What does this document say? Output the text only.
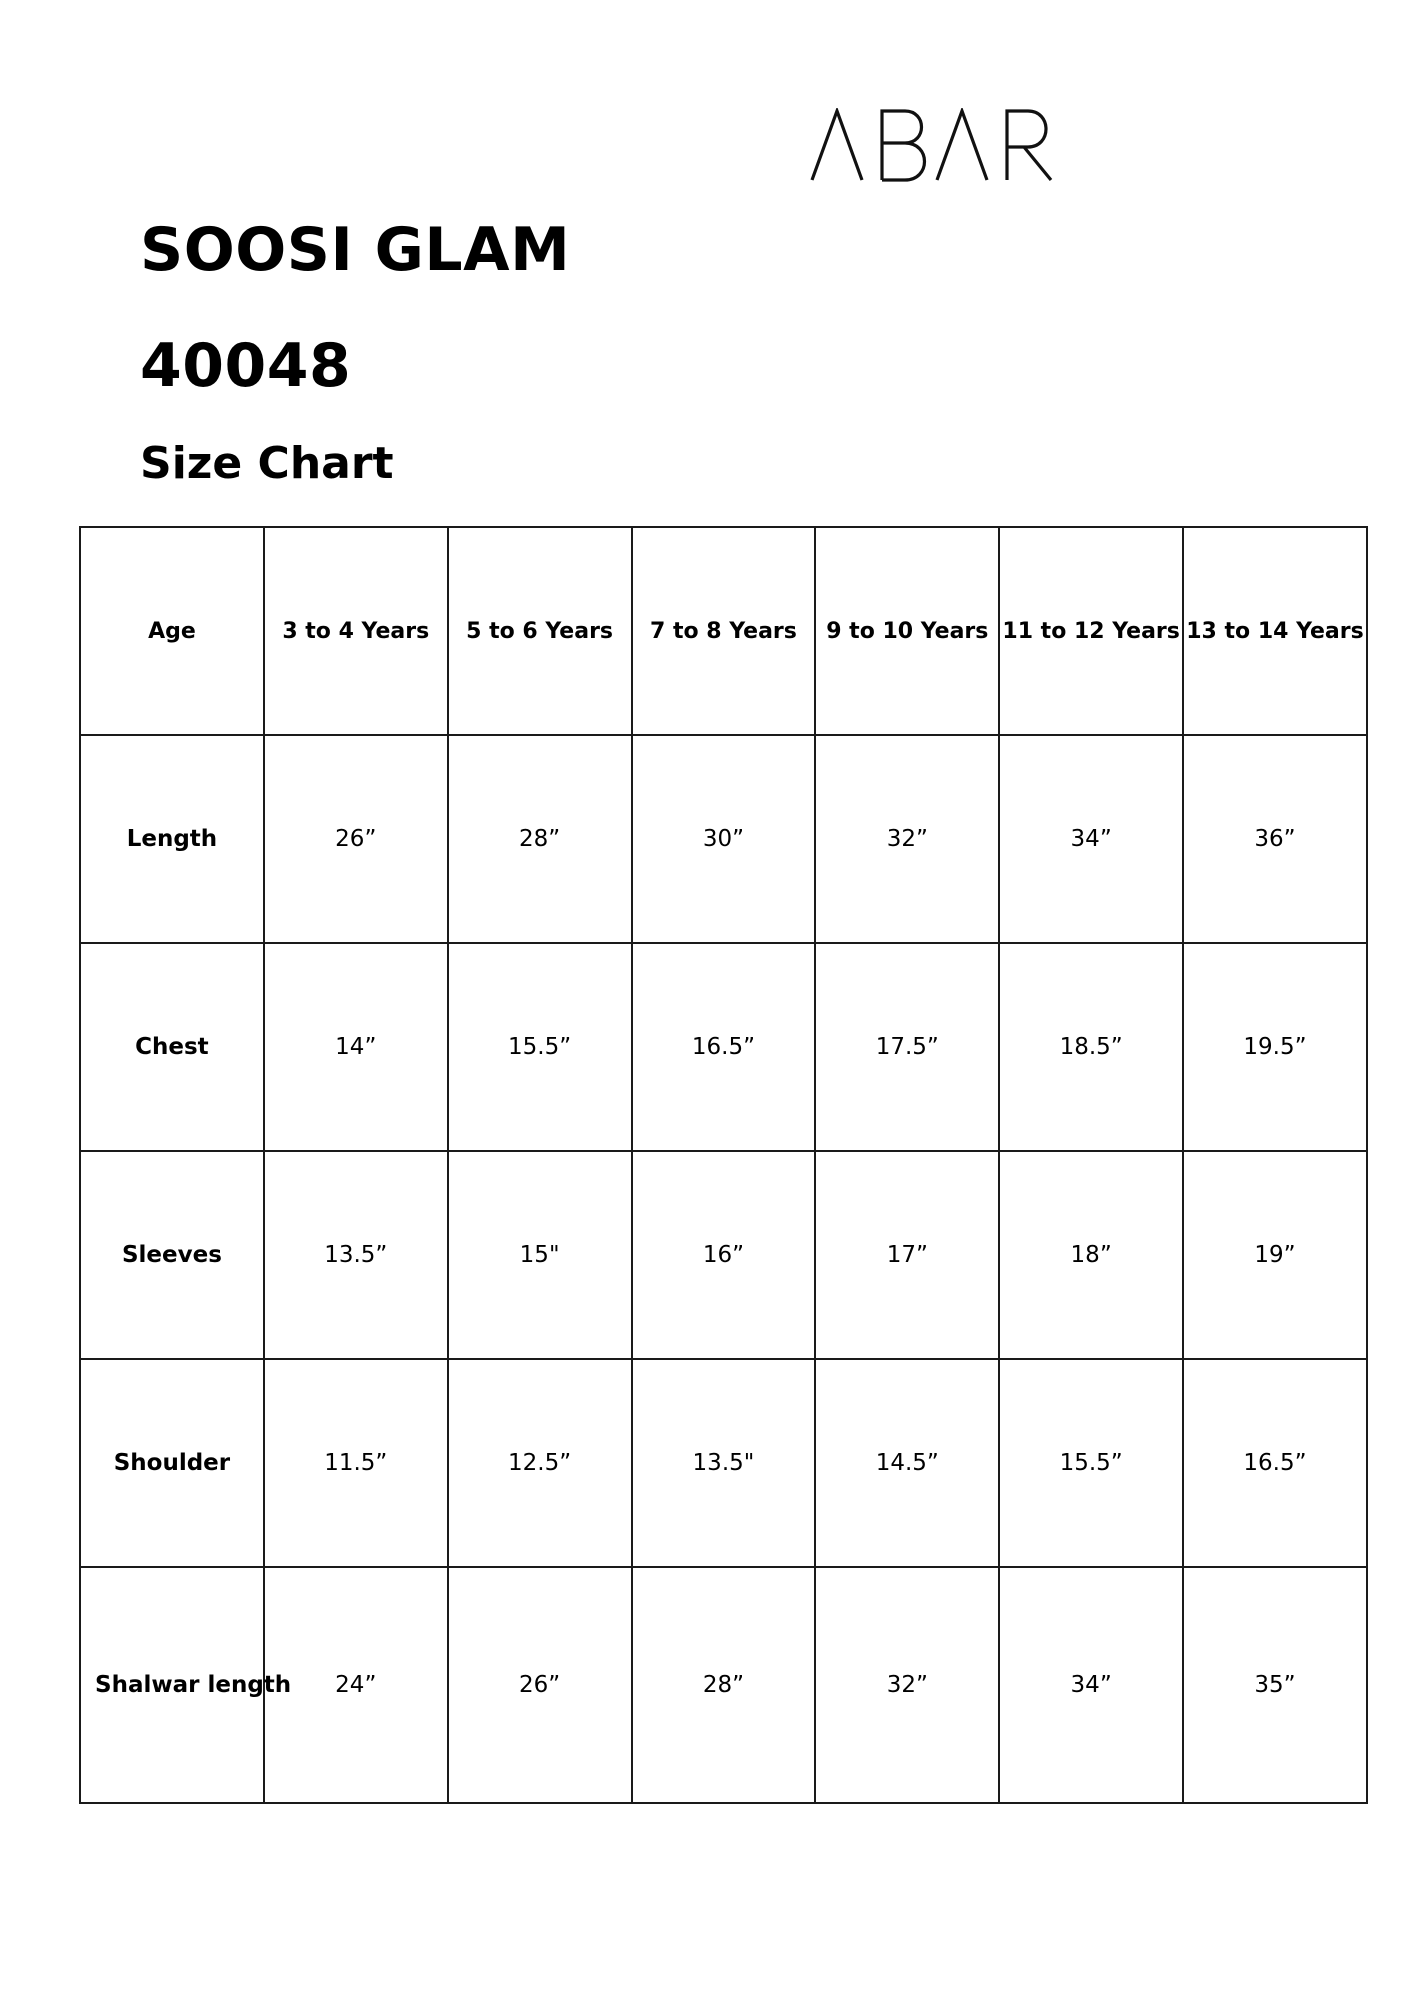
SOOSI GLAM
40048
Size Chart
Age	3 to 4 Years	5 to 6 Years	7 to 8 Years	9 to 10 Years	11 to 12 Years	13 to 14 Years
Length	26”	28”	30”	32”	34”	36”
Chest	14”	15.5”	16.5”	17.5”	18.5”	19.5”
Sleeves	13.5”	15"	16”	17”	18”	19”
Shoulder	11.5”	12.5”	13.5"	14.5”	15.5”	16.5”
Shalwar length	24”	26”	28”	32”	34”	35”
